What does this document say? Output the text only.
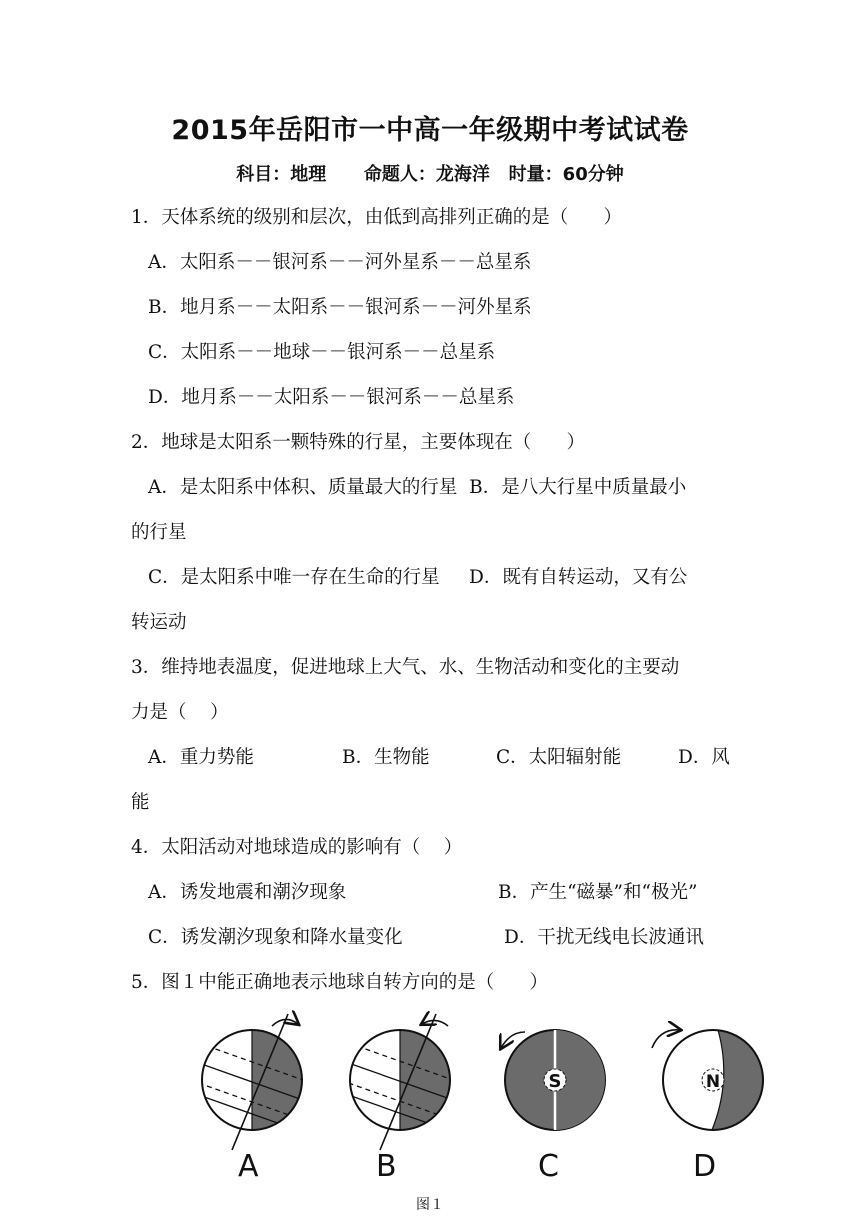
2015年岳阳市一中高一年级期中考试试卷
科目：地理      命题人：龙海洋   时量：60分钟
1．天体系统的级别和层次，由低到高排列正确的是（      ）
A．太阳系－－银河系－－河外星系－－总星系
B．地月系－－太阳系－－银河系－－河外星系
C．太阳系－－地球－－银河系－－总星系
D．地月系－－太阳系－－银河系－－总星系
2．地球是太阳系一颗特殊的行星，主要体现在（      ）
A．是太阳系中体积、质量最大的行星  B．是八大行星中质量最小
的行星
C．是太阳系中唯一存在生命的行星     D．既有自转运动，又有公
转运动
3．维持地表温度，促进地球上大气、水、生物活动和变化的主要动
力是（    ）
A．重力势能	B．生物能	C．太阳辐射能	D．风
能
4．太阳活动对地球造成的影响有（    ）
A．诱发地震和潮汐现象	B．产生“磁暴”和“极光”
C．诱发潮汐现象和降水量变化	D．干扰无线电长波通讯
5．图１中能正确地表示地球自转方向的是（      ）
S	N
A	B	C	D
图１
